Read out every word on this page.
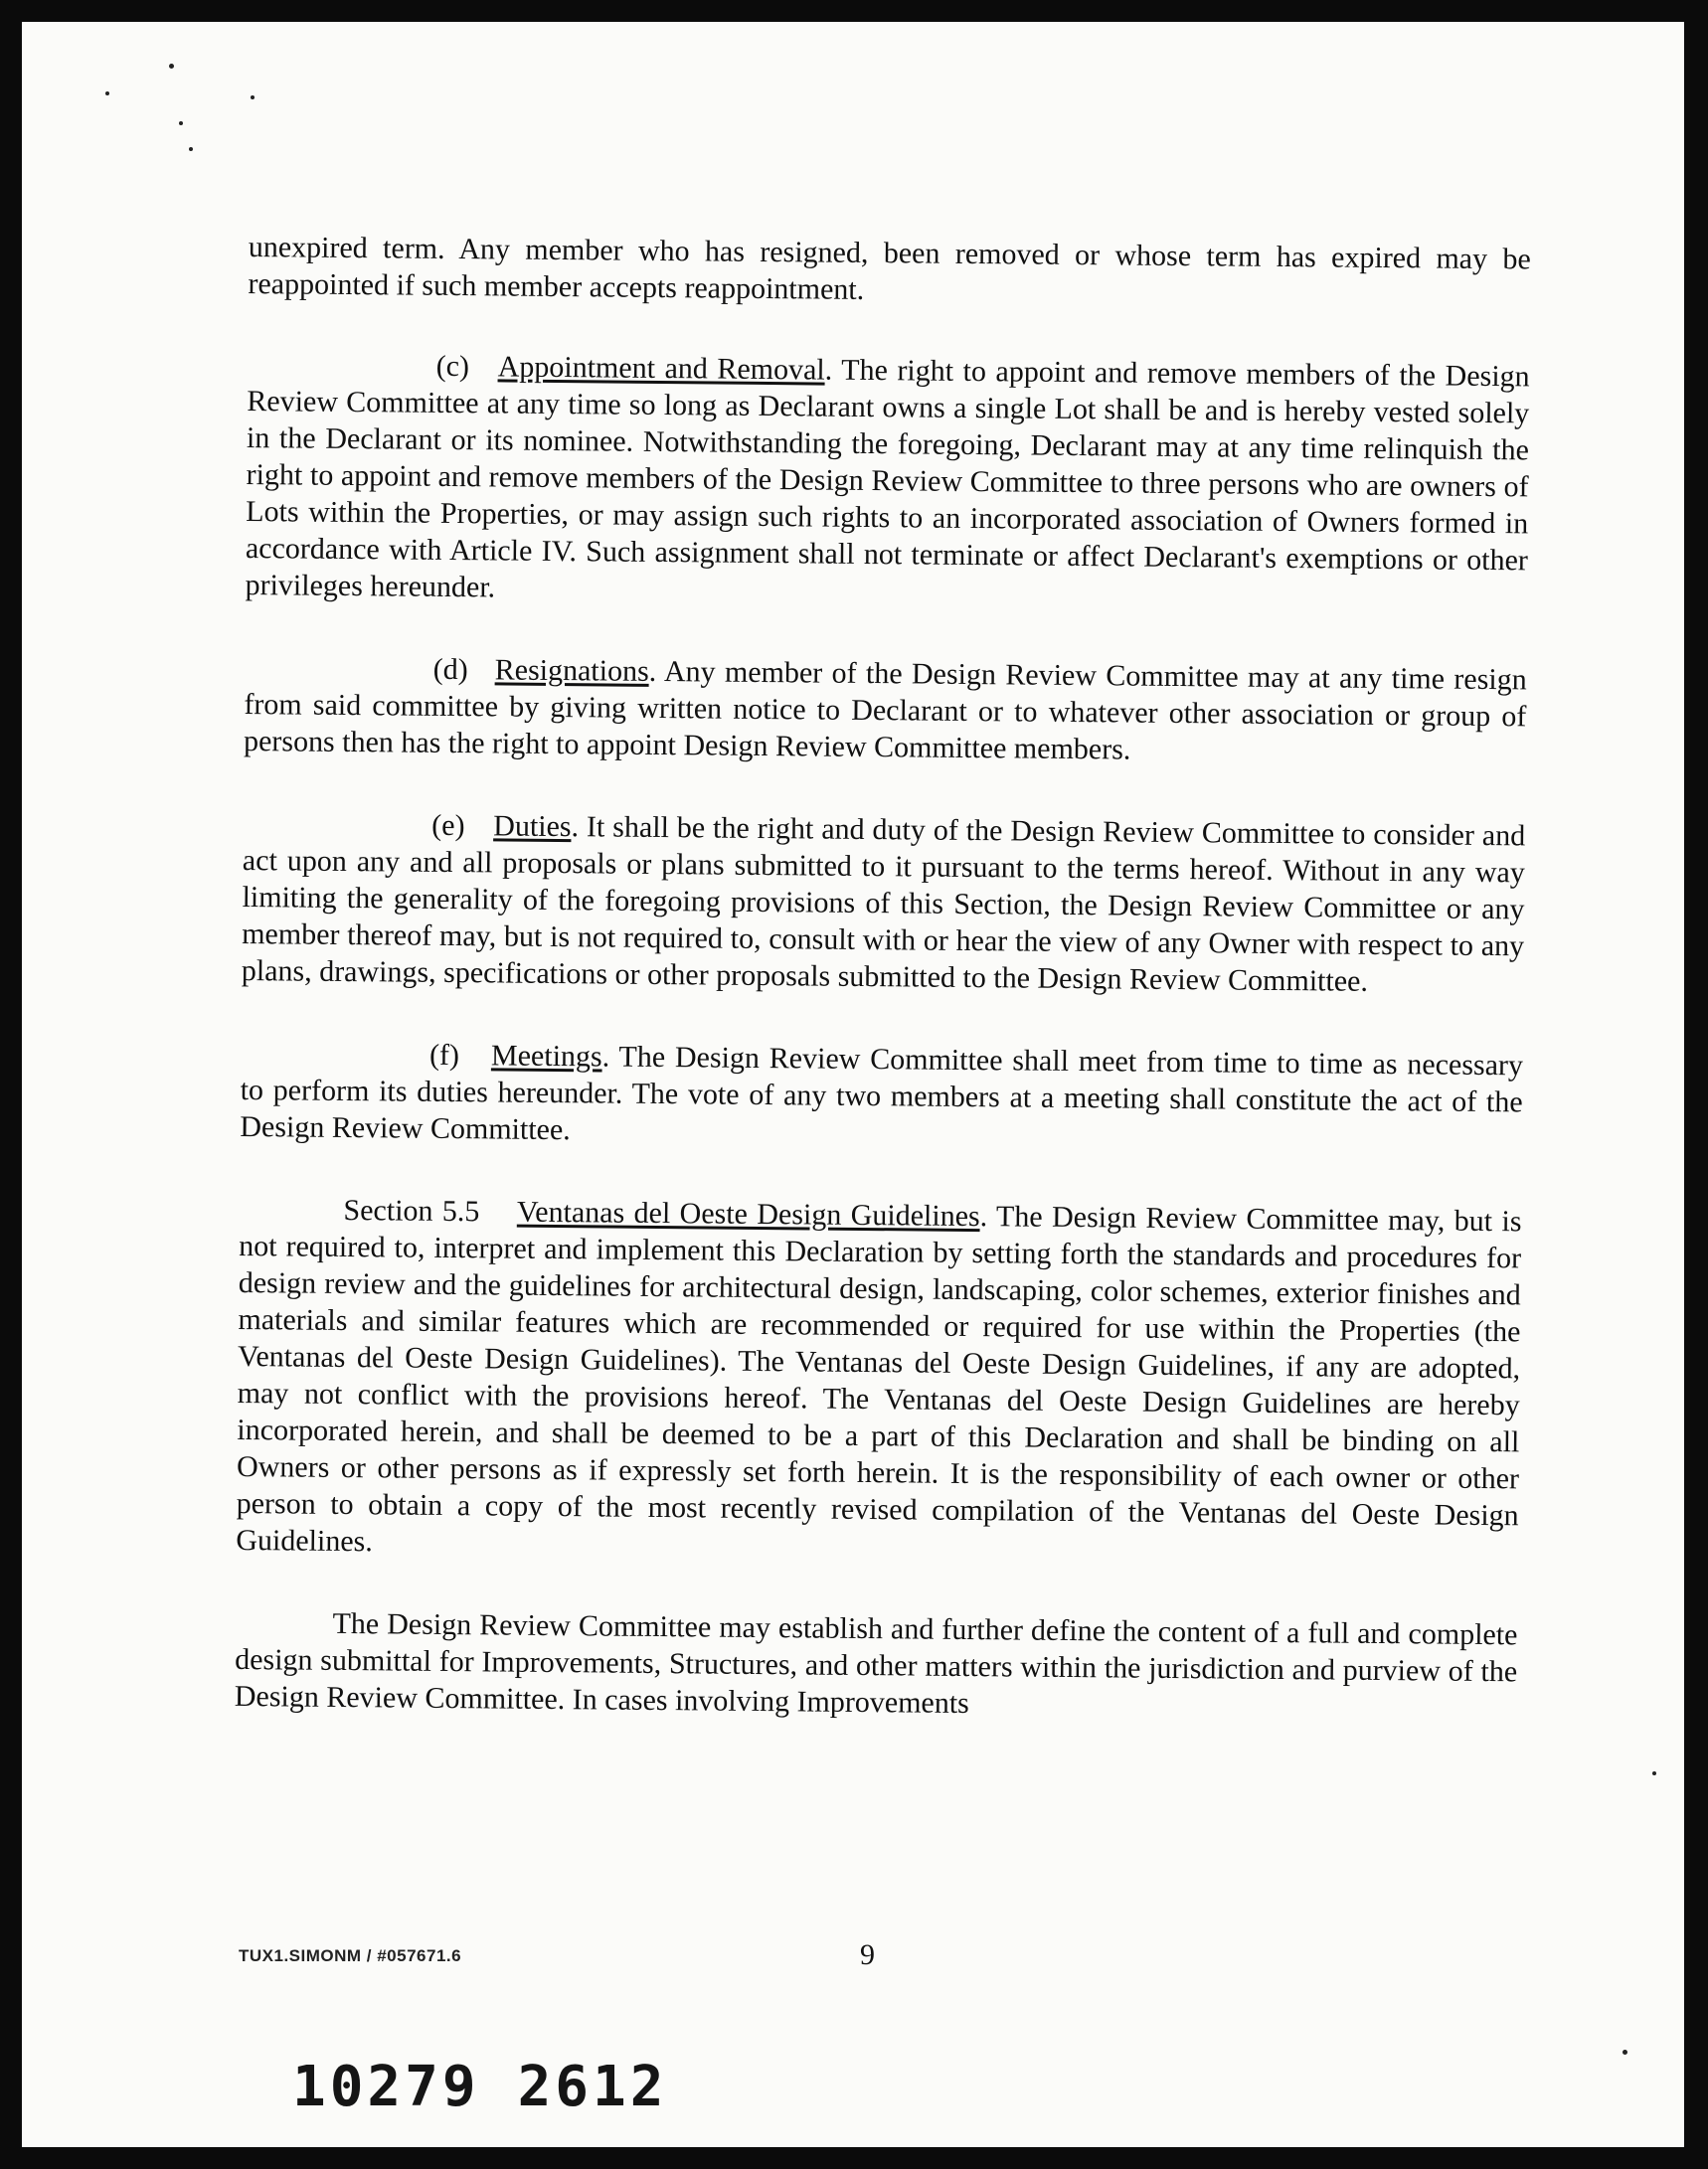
unexpired term. Any member who has resigned, been removed or whose term has expired may be reappointed if such member accepts reappointment.

(c) Appointment and Removal. The right to appoint and remove members of the Design Review Committee at any time so long as Declarant owns a single Lot shall be and is hereby vested solely in the Declarant or its nominee. Notwithstanding the foregoing, Declarant may at any time relinquish the right to appoint and remove members of the Design Review Committee to three persons who are owners of Lots within the Properties, or may assign such rights to an incorporated association of Owners formed in accordance with Article IV. Such assignment shall not terminate or affect Declarant's exemptions or other privileges hereunder.

(d) Resignations. Any member of the Design Review Committee may at any time resign from said committee by giving written notice to Declarant or to whatever other association or group of persons then has the right to appoint Design Review Committee members.

(e) Duties. It shall be the right and duty of the Design Review Committee to consider and act upon any and all proposals or plans submitted to it pursuant to the terms hereof. Without in any way limiting the generality of the foregoing provisions of this Section, the Design Review Committee or any member thereof may, but is not required to, consult with or hear the view of any Owner with respect to any plans, drawings, specifications or other proposals submitted to the Design Review Committee.

(f) Meetings. The Design Review Committee shall meet from time to time as necessary to perform its duties hereunder. The vote of any two members at a meeting shall constitute the act of the Design Review Committee.

Section 5.5 Ventanas del Oeste Design Guidelines. The Design Review Committee may, but is not required to, interpret and implement this Declaration by setting forth the standards and procedures for design review and the guidelines for architectural design, landscaping, color schemes, exterior finishes and materials and similar features which are recommended or required for use within the Properties (the Ventanas del Oeste Design Guidelines). The Ventanas del Oeste Design Guidelines, if any are adopted, may not conflict with the provisions hereof. The Ventanas del Oeste Design Guidelines are hereby incorporated herein, and shall be deemed to be a part of this Declaration and shall be binding on all Owners or other persons as if expressly set forth herein. It is the responsibility of each owner or other person to obtain a copy of the most recently revised compilation of the Ventanas del Oeste Design Guidelines.

The Design Review Committee may establish and further define the content of a full and complete design submittal for Improvements, Structures, and other matters within the jurisdiction and purview of the Design Review Committee. In cases involving Improvements

TUX1.SIMONM / #057671.6	9
10279 2612
